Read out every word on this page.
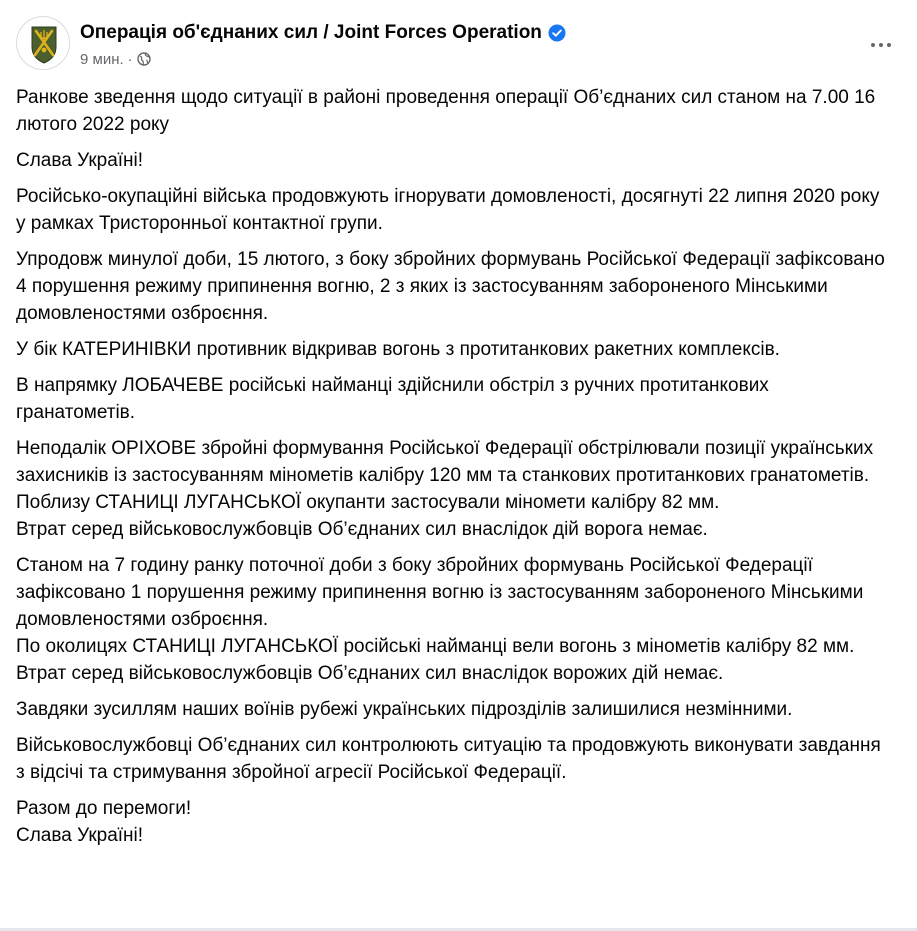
Операція об'єднаних сил / Joint Forces Operation
9 мин. ·

Ранкове зведення щодо ситуації в районі проведення операції Об’єднаних сил станом на 7.00 16 лютого 2022 року

Слава Україні!

Російсько-окупаційні війська продовжують ігнорувати домовленості, досягнуті 22 липня 2020 року у рамках Тристоронньої контактної групи.

Упродовж минулої доби, 15 лютого, з боку збройних формувань Російської Федерації зафіксовано 4 порушення режиму припинення вогню, 2 з яких із застосуванням забороненого Мінськими домовленостями озброєння.

У бік КАТЕРИНІВКИ противник відкривав вогонь з протитанкових ракетних комплексів.

В напрямку ЛОБАЧЕВЕ російські найманці здійснили обстріл з ручних протитанкових гранатометів.

Неподалік ОРІХОВЕ збройні формування Російської Федерації обстрілювали позиції українських захисників із застосуванням мінометів калібру 120 мм та станкових протитанкових гранатометів.
Поблизу СТАНИЦІ ЛУГАНСЬКОЇ окупанти застосували міномети калібру 82 мм.
Втрат серед військовослужбовців Об’єднаних сил внаслідок дій ворога немає.

Станом на 7 годину ранку поточної доби з боку збройних формувань Російської Федерації зафіксовано 1 порушення режиму припинення вогню із застосуванням забороненого Мінськими домовленостями озброєння.
По околицях СТАНИЦІ ЛУГАНСЬКОЇ російські найманці вели вогонь з мінометів калібру 82 мм.
Втрат серед військовослужбовців Об’єднаних сил внаслідок ворожих дій немає.

Завдяки зусиллям наших воїнів рубежі українських підрозділів залишилися незмінними.

Військовослужбовці Об’єднаних сил контролюють ситуацію та продовжують виконувати завдання з відсічі та стримування збройної агресії Російської Федерації.

Разом до перемоги!
Слава Україні!
